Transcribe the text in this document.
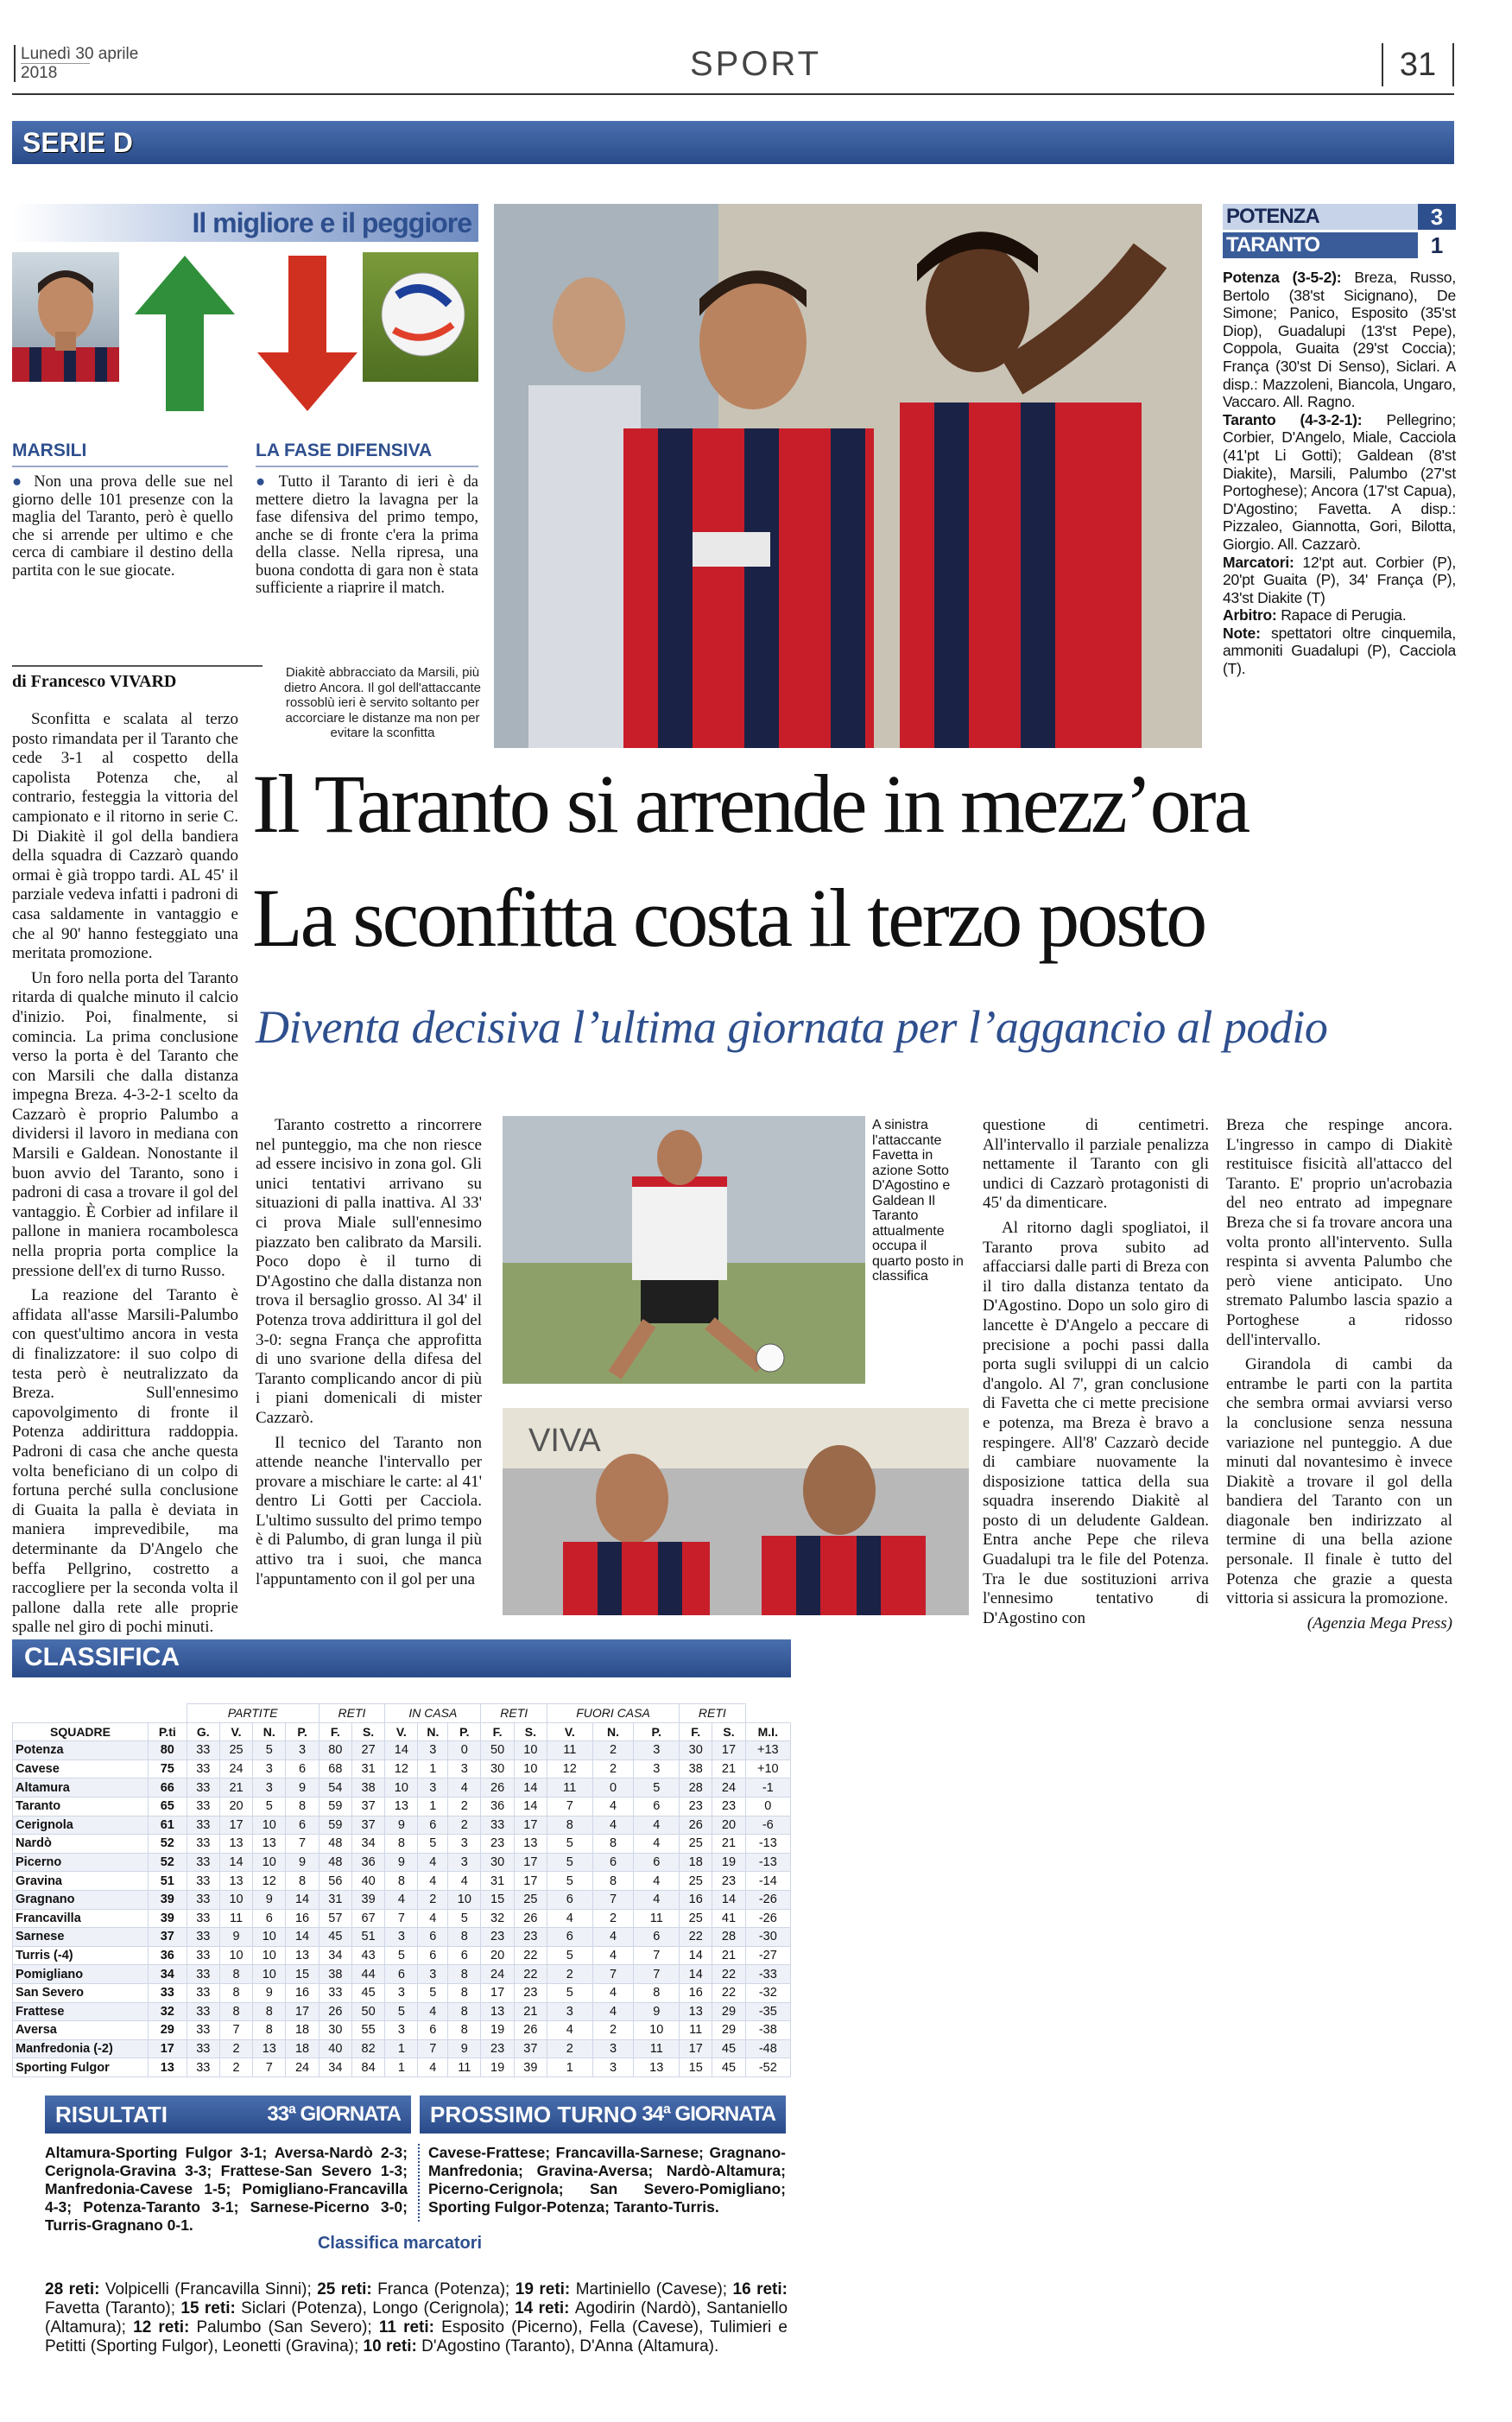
Lunedì 30 aprile
2018	SPORT	31
SERIE D
Il migliore e il peggiore
MARSILI	LA FASE DIFENSIVA
● Non una prova delle sue nel giorno delle 101 presenze con la maglia del Taranto, però è quello che si arrende per ultimo e che cerca di cambiare il destino della partita con le sue giocate.
● Tutto il Taranto di ieri è da mettere dietro la lavagna per la fase difensiva del primo tempo, anche se di fronte c'era la prima della classe. Nella ripresa, una buona condotta di gara non è stata sufficiente a riaprire il match.
Diakitè abbracciato da Marsili, più dietro Ancora. Il gol dell'attaccante rossoblù ieri è servito soltanto per accorciare le distanze ma non per evitare la sconfitta
POTENZA	3
TARANTO	1
Potenza (3-5-2): Breza, Russo, Bertolo (38'st Sicignano), De Simone; Panico, Esposito (35'st Diop), Guadalupi (13'st Pepe), Coppola, Guaita (29'st Coccia); França (30'st Di Senso), Siclari. A disp.: Mazzoleni, Biancola, Ungaro, Vaccaro. All. Ragno.
Taranto (4-3-2-1): Pellegrino; Corbier, D'Angelo, Miale, Cacciola (41'pt Li Gotti); Galdean (8'st Diakite), Marsili, Palumbo (27'st Portoghese); Ancora (17'st Capua), D'Agostino; Favetta. A disp.: Pizzaleo, Giannotta, Gori, Bilotta, Giorgio. All. Cazzarò.
Marcatori: 12'pt aut. Corbier (P), 20'pt Guaita (P), 34' França (P), 43'st Diakite (T)
Arbitro: Rapace di Perugia.
Note: spettatori oltre cinquemila, ammoniti Guadalupi (P), Cacciola (T).
di Francesco VIVARD
Il Taranto si arrende in mezz’ora
La sconfitta costa il terzo posto
Diventa decisiva l’ultima giornata per l’aggancio al podio

Sconfitta e scalata al terzo posto rimandata per il Taranto che cede 3-1 al cospetto della capolista Potenza che, al contrario, festeggia la vittoria del campionato e il ritorno in serie C. Di Diakitè il gol della bandiera della squadra di Cazzarò quando ormai è già troppo tardi. AL 45' il parziale vedeva infatti i padroni di casa saldamente in vantaggio e che al 90' hanno festeggiato una meritata promozione.

Un foro nella porta del Taranto ritarda di qualche minuto il calcio d'inizio. Poi, finalmente, si comincia. La prima conclusione verso la porta è del Taranto che con Marsili che dalla distanza impegna Breza. 4-3-2-1 scelto da Cazzarò è proprio Palumbo a dividersi il lavoro in mediana con Marsili e Galdean. Nonostante il buon avvio del Taranto, sono i padroni di casa a trovare il gol del vantaggio. È Corbier ad infilare il pallone in maniera rocambolesca nella propria porta complice la pressione dell'ex di turno Russo.

La reazione del Taranto è affidata all'asse Marsili-Palumbo con quest'ultimo ancora in vesta di finalizzatore: il suo colpo di testa però è neutralizzato da Breza. Sull'ennesimo capovolgimento di fronte il Potenza addirittura raddoppia. Padroni di casa che anche questa volta beneficiano di un colpo di fortuna perché sulla conclusione di Guaita la palla è deviata in maniera imprevedibile, ma determinante da D'Angelo che beffa Pellgrino, costretto a raccogliere per la seconda volta il pallone dalla rete alle proprie spalle nel giro di pochi minuti.

Taranto costretto a rincorrere nel punteggio, ma che non riesce ad essere incisivo in zona gol. Gli unici tentativi arrivano su situazioni di palla inattiva. Al 33' ci prova Miale sull'ennesimo piazzato ben calibrato da Marsili. Poco dopo è il turno di D'Agostino che dalla distanza non trova il bersaglio grosso. Al 34' il Potenza trova addirittura il gol del 3-0: segna França che approfitta di uno svarione della difesa del Taranto complicando ancor di più i piani domenicali di mister Cazzarò.

Il tecnico del Taranto non attende neanche l'intervallo per provare a mischiare le carte: al 41' dentro Li Gotti per Cacciola. L'ultimo sussulto del primo tempo è di Palumbo, di gran lunga il più attivo tra i suoi, che manca l'appuntamento con il gol per una

A sinistra l'attaccante Favetta in azione Sotto D'Agostino e Galdean Il Taranto attualmente occupa il quarto posto in classifica
VIVA

questione di centimetri. All'intervallo il parziale penalizza nettamente il Taranto con gli undici di Cazzarò protagonisti di 45' da dimenticare.

Al ritorno dagli spogliatoi, il Taranto prova subito ad affacciarsi dalle parti di Breza con il tiro dalla distanza tentato da D'Agostino. Dopo un solo giro di lancette è D'Angelo a peccare di precisione a pochi passi dalla porta sugli sviluppi di un calcio d'angolo. Al 7', gran conclusione di Favetta che ci mette precisione e potenza, ma Breza è bravo a respingere. All'8' Cazzarò decide di cambiare nuovamente la disposizione tattica della sua squadra inserendo Diakitè al posto di un deludente Galdean. Entra anche Pepe che rileva Guadalupi tra le file del Potenza. Tra le due sostituzioni arriva l'ennesimo tentativo di D'Agostino con

Breza che respinge ancora. L'ingresso in campo di Diakitè restituisce fisicità all'attacco del Taranto. E' proprio un'acrobazia del neo entrato ad impegnare Breza che si fa trovare ancora una volta pronto all'intervento. Sulla respinta si avventa Palumbo che però viene anticipato. Uno stremato Palumbo lascia spazio a Portoghese a ridosso dell'intervallo.

Girandola di cambi da entrambe le parti con la partita che sembra ormai avviarsi verso la conclusione senza nessuna variazione nel punteggio. A due minuti dal novantesimo è invece Diakitè a trovare il gol della bandiera del Taranto con un diagonale ben indirizzato al termine di una bella azione personale. Il finale è tutto del Potenza che grazie a questa vittoria si assicura la promozione.

(Agenzia Mega Press)
CLASSIFICA
		PARTITE				RETI		IN CASA			RETI		FUORI CASA			RETI		
SQUADRE	P.ti	G.	V.	N.	P.	F.	S.	V.	N.	P.	F.	S.	V.	N.	P.	F.	S.	M.I.
Potenza	80	33	25	5	3	80	27	14	3	0	50	10	11	2	3	30	17	+13
Cavese	75	33	24	3	6	68	31	12	1	3	30	10	12	2	3	38	21	+10
Altamura	66	33	21	3	9	54	38	10	3	4	26	14	11	0	5	28	24	-1
Taranto	65	33	20	5	8	59	37	13	1	2	36	14	7	4	6	23	23	0
Cerignola	61	33	17	10	6	59	37	9	6	2	33	17	8	4	4	26	20	-6
Nardò	52	33	13	13	7	48	34	8	5	3	23	13	5	8	4	25	21	-13
Picerno	52	33	14	10	9	48	36	9	4	3	30	17	5	6	6	18	19	-13
Gravina	51	33	13	12	8	56	40	8	4	4	31	17	5	8	4	25	23	-14
Gragnano	39	33	10	9	14	31	39	4	2	10	15	25	6	7	4	16	14	-26
Francavilla	39	33	11	6	16	57	67	7	4	5	32	26	4	2	11	25	41	-26
Sarnese	37	33	9	10	14	45	51	3	6	8	23	23	6	4	6	22	28	-30
Turris (-4)	36	33	10	10	13	34	43	5	6	6	20	22	5	4	7	14	21	-27
Pomigliano	34	33	8	10	15	38	44	6	3	8	24	22	2	7	7	14	22	-33
San Severo	33	33	8	9	16	33	45	3	5	8	17	23	5	4	8	16	22	-32
Frattese	32	33	8	8	17	26	50	5	4	8	13	21	3	4	9	13	29	-35
Aversa	29	33	7	8	18	30	55	3	6	8	19	26	4	2	10	11	29	-38
Manfredonia (-2)	17	33	2	13	18	40	82	1	7	9	23	37	2	3	11	17	45	-48
Sporting Fulgor	13	33	2	7	24	34	84	1	4	11	19	39	1	3	13	15	45	-52
RISULTATI	33ª GIORNATA PROSSIMO TURNO 34ª GIORNATA
Altamura-Sporting Fulgor 3-1; Aversa-Nardò 2-3; Cerignola-Gravina 3-3; Frattese-San Severo 1-3; Manfredonia-Cavese 1-5; Pomigliano-Francavilla 4-3; Potenza-Taranto 3-1; Sarnese-Picerno 3-0; Turris-Gragnano 0-1.
Cavese-Frattese; Francavilla-Sarnese; Gragnano-Manfredonia; Gravina-Aversa; Nardò-Altamura; Picerno-Cerignola; San Severo-Pomigliano; Sporting Fulgor-Potenza; Taranto-Turris.
Classifica marcatori
28 reti: Volpicelli (Francavilla Sinni); 25 reti: Franca (Potenza); 19 reti: Martiniello (Cavese); 16 reti: Favetta (Taranto); 15 reti: Siclari (Potenza), Longo (Cerignola); 14 reti: Agodirin (Nardò), Santaniello (Altamura); 12 reti: Palumbo (San Severo); 11 reti: Esposito (Picerno), Fella (Cavese), Tulimieri e Petitti (Sporting Fulgor), Leonetti (Gravina); 10 reti: D'Agostino (Taranto), D'Anna (Altamura).
